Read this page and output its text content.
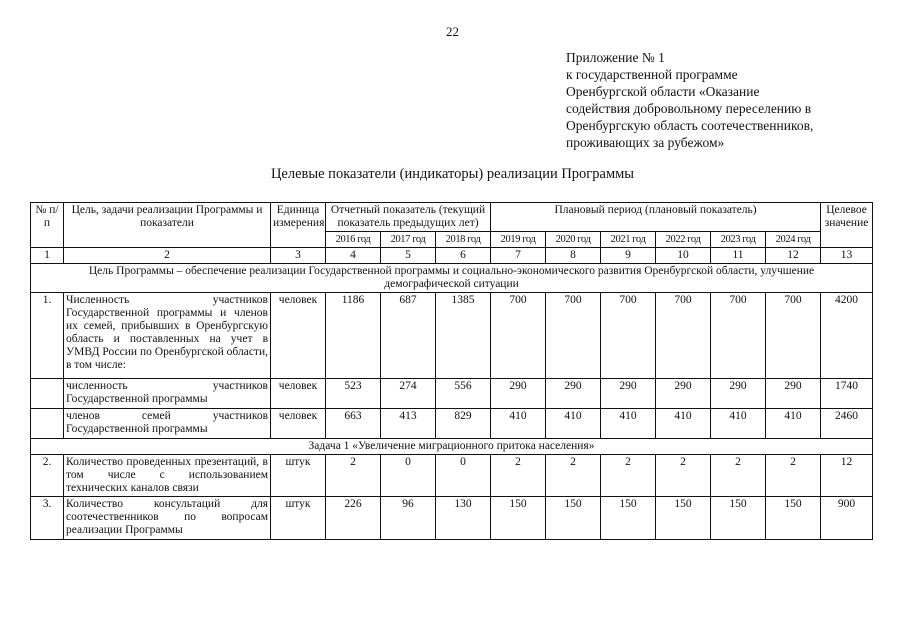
22
Приложение № 1
к государственной программе
Оренбургской области «Оказание
содействия добровольному переселению в
Оренбургскую область соотечественников,
проживающих за рубежом»
Целевые показатели (индикаторы) реализации Программы
№ п/п	Цель, задачи реализации Программы и показатели	Единица измерения	Отчетный показатель (текущий показатель предыдущих лет)			Плановый период (плановый показатель)						Целевое значение
			2016 год	2017 год	2018 год	2019 год	2020 год	2021 год	2022 год	2023 год	2024 год	
1	2	3	4	5	6	7	8	9	10	11	12	13
Цель Программы – обеспечение реализации Государственной программы и социально-экономического развития Оренбургской области, улучшение демографической ситуации												
1.	Численность участников Государственной программы и членов их семей, прибывших в Оренбургскую область и поставленных на учет в УМВД России по Оренбургской области, в том числе:	человек	1186	687	1385	700	700	700	700	700	700	4200
	численность участников Государственной программы	человек	523	274	556	290	290	290	290	290	290	1740
	членов семей участников Государственной программы	человек	663	413	829	410	410	410	410	410	410	2460
Задача 1 «Увеличение миграционного притока населения»												
2.	Количество проведенных презентаций, в том числе с использованием технических каналов связи	штук	2	0	0	2	2	2	2	2	2	12
3.	Количество консультаций для соотечественников по вопросам реализации Программы	штук	226	96	130	150	150	150	150	150	150	900
